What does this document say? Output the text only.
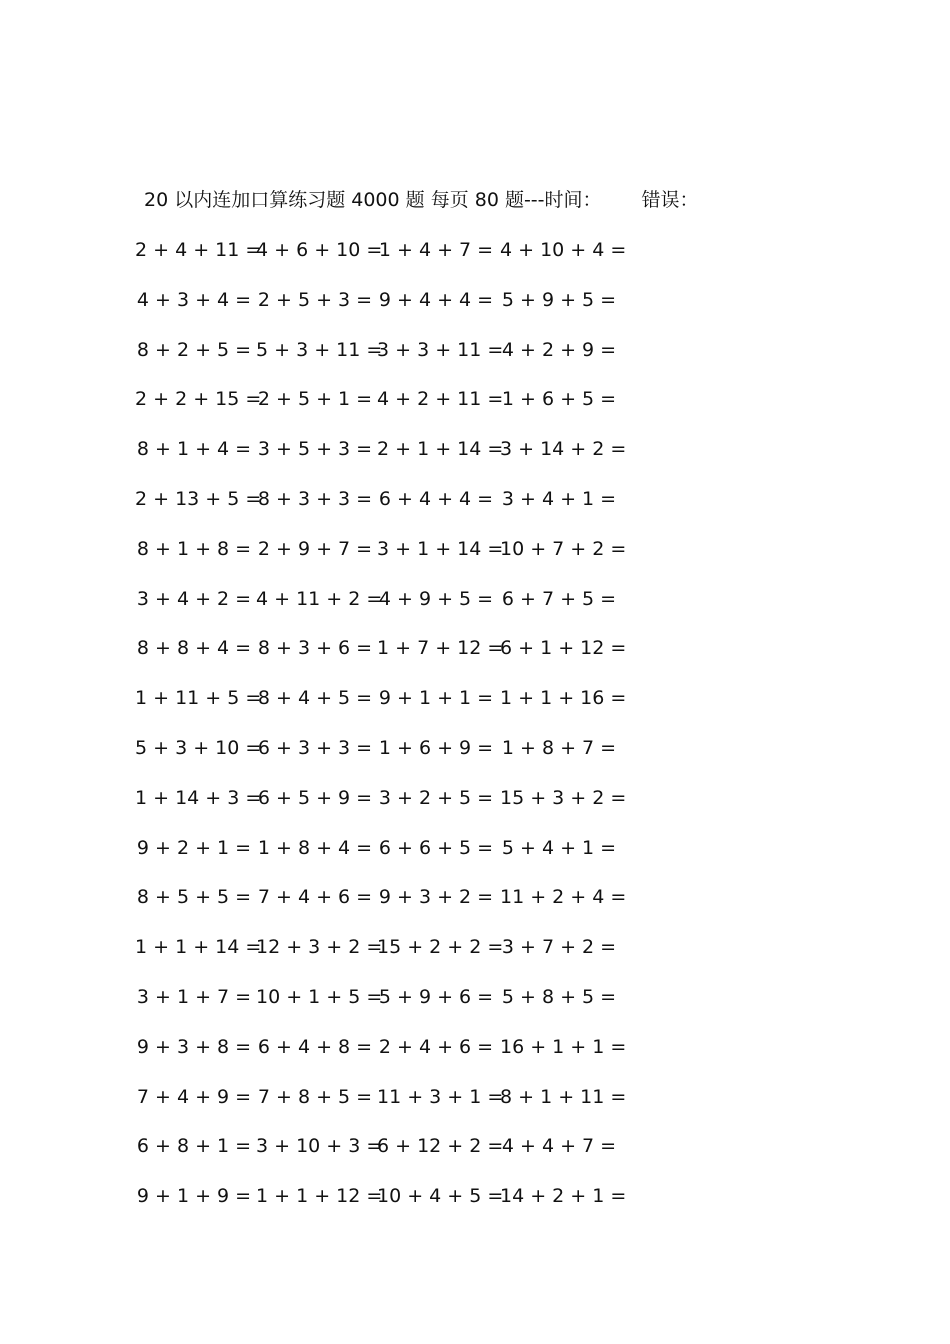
20 以内连加口算练习题 4000 题 每页 80 题---时间： 错误：
2 + 4 + 11 =
4 + 6 + 10 =
1 + 4 + 7 = 4 + 10 + 4 =
4 + 3 + 4 = 2 + 5 + 3 = 9 + 4 + 4 = 5 + 9 + 5 =
8 + 2 + 5 = 5 + 3 + 11 =
3 + 3 + 11 =
4 + 2 + 9 =
2 + 2 + 15 =
2 + 5 + 1 = 4 + 2 + 11 =
1 + 6 + 5 =
8 + 1 + 4 = 3 + 5 + 3 = 2 + 1 + 14 =
3 + 14 + 2 =
2 + 13 + 5 =
8 + 3 + 3 = 6 + 4 + 4 = 3 + 4 + 1 =
8 + 1 + 8 = 2 + 9 + 7 = 3 + 1 + 14 =
10 + 7 + 2 =
3 + 4 + 2 = 4 + 11 + 2 =
4 + 9 + 5 = 6 + 7 + 5 =
8 + 8 + 4 = 8 + 3 + 6 = 1 + 7 + 12 =
6 + 1 + 12 =
1 + 11 + 5 =
8 + 4 + 5 = 9 + 1 + 1 = 1 + 1 + 16 =
5 + 3 + 10 =
6 + 3 + 3 = 1 + 6 + 9 = 1 + 8 + 7 =
1 + 14 + 3 =
6 + 5 + 9 = 3 + 2 + 5 = 15 + 3 + 2 =
9 + 2 + 1 = 1 + 8 + 4 = 6 + 6 + 5 = 5 + 4 + 1 =
8 + 5 + 5 = 7 + 4 + 6 = 9 + 3 + 2 = 11 + 2 + 4 =
1 + 1 + 14 =
12 + 3 + 2 =
15 + 2 + 2 =
3 + 7 + 2 =
3 + 1 + 7 = 10 + 1 + 5 =
5 + 9 + 6 = 5 + 8 + 5 =
9 + 3 + 8 = 6 + 4 + 8 = 2 + 4 + 6 = 16 + 1 + 1 =
7 + 4 + 9 = 7 + 8 + 5 = 11 + 3 + 1 =
8 + 1 + 11 =
6 + 8 + 1 = 3 + 10 + 3 =
6 + 12 + 2 =
4 + 4 + 7 =
9 + 1 + 9 = 1 + 1 + 12 =
10 + 4 + 5 =
14 + 2 + 1 =
